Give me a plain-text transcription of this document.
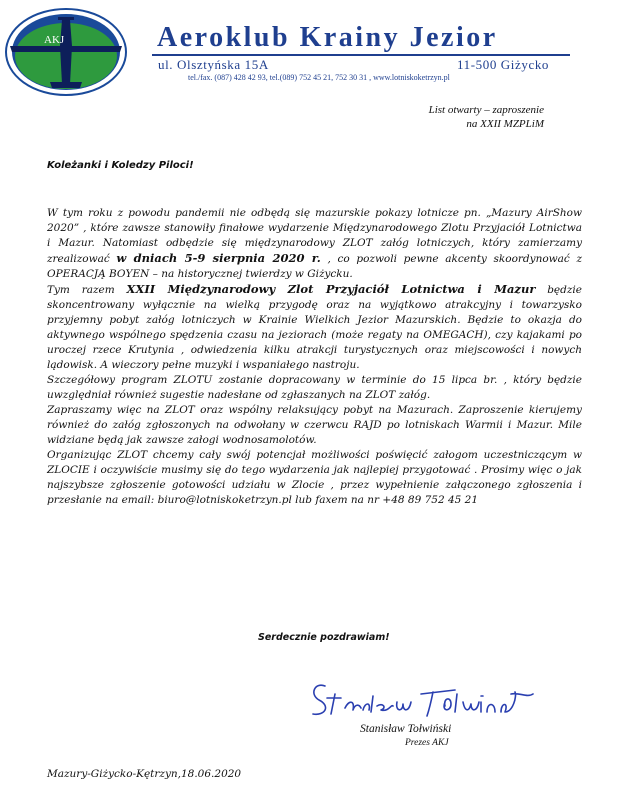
AKJ	Aeroklub Krainy Jezior
ul. Olsztyńska 15A	11-500 Giżycko
tel./fax. (087) 428 42 93, tel.(089) 752 45 21, 752 30 31 , www.lotniskoketrzyn.pl
List otwarty – zaproszenie
na XXII MZPLiM

Koleżanki i Koledzy Piloci!

W tym roku z powodu pandemii nie odbędą się mazurskie pokazy lotnicze pn. „Mazury AirShow 2020” , które zawsze stanowiły finałowe wydarzenie Międzynarodowego Zlotu Przyjaciół Lotnictwa i Mazur. Natomiast odbędzie się międzynarodowy ZLOT załóg lotniczych, który zamierzamy zrealizować w dniach 5-9 sierpnia 2020 r. , co pozwoli pewne akcenty skoordynować z OPERACJĄ BOYEN – na historycznej twierdzy w Giżycku.

Tym razem XXII Międzynarodowy Zlot Przyjaciół Lotnictwa i Mazur będzie skoncentrowany wyłącznie na wielką przygodę oraz na wyjątkowo atrakcyjny i towarzysko przyjemny pobyt załóg lotniczych w Krainie Wielkich Jezior Mazurskich. Będzie to okazja do aktywnego wspólnego spędzenia czasu na jeziorach (może regaty na OMEGACH), czy kajakami po uroczej rzece Krutynia , odwiedzenia kilku atrakcji turystycznych oraz miejscowości i nowych lądowisk. A wieczory pełne muzyki i wspaniałego nastroju.

Szczegółowy program ZLOTU zostanie dopracowany w terminie do 15 lipca br. , który będzie uwzględniał również sugestie nadesłane od zgłaszanych na ZLOT załóg.

Zapraszamy więc na ZLOT oraz wspólny relaksujący pobyt na Mazurach. Zaproszenie kierujemy również do załóg zgłoszonych na odwołany w czerwcu RAJD po lotniskach Warmii i Mazur. Mile widziane będą jak zawsze załogi wodnosamolotów.

Organizując ZLOT chcemy cały swój potencjał możliwości poświęcić załogom uczestniczącym w ZLOCIE i oczywiście musimy się do tego wydarzenia jak najlepiej przygotować . Prosimy więc o jak najszybsze zgłoszenie gotowości udziału w Zlocie , przez wypełnienie załączonego zgłoszenia i przesłanie na email: biuro@lotniskoketrzyn.pl lub faxem na nr +48 89 752 45 21

Serdecznie pozdrawiam!
Stanisław Tołwiński
Prezes AKJ
Mazury-Giżycko-Kętrzyn,18.06.2020
